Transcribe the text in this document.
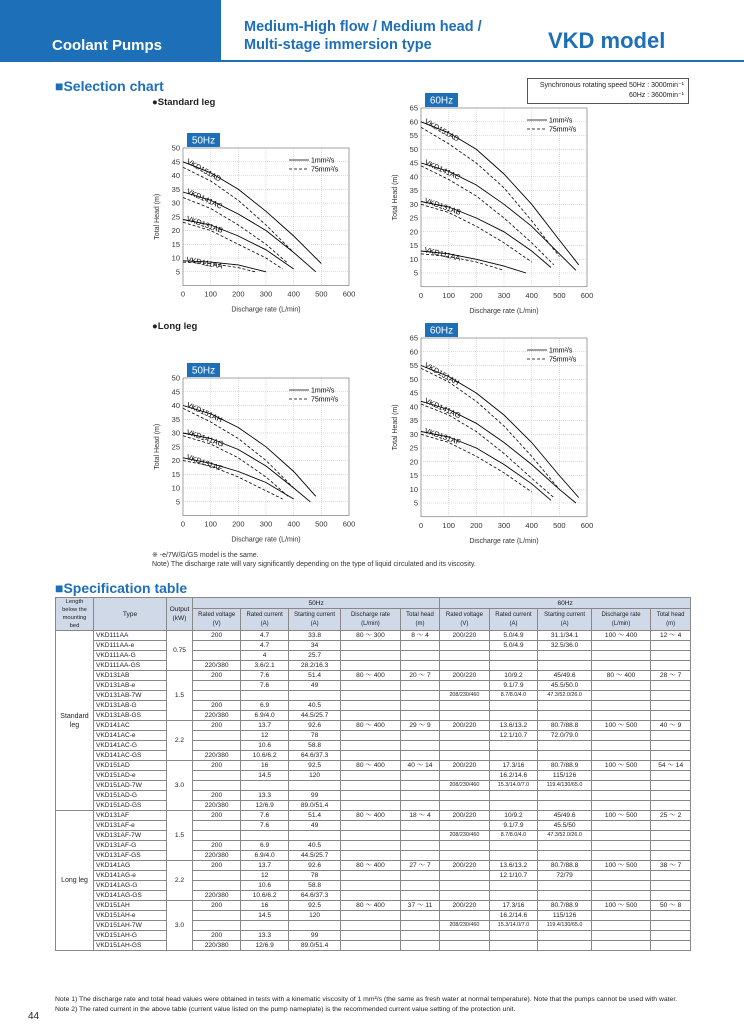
Coolant Pumps
Medium-High flow / Medium head /
Multi-stage immersion type	VKD model
■Selection chart
●Standard leg
●Long leg
Synchronous rotating speed 50Hz : 3000min⁻¹
60Hz : 3600min⁻¹
5
10
15
20
25
30
35
40
45
50
0	100 200 300 400 500 600
Discharge rate (L/min)
Total Head (m)
50Hz
1mm²/s
75mm²/s
VKD151AD
VKD141AC
VKD131AB
VKD111AA
5
10
15
20
25
30
35
40
45
50
55
60
65
0	100 200 300 400 500 600
Discharge rate (L/min)
Total Head (m)
60Hz
1mm²/s
75mm²/s
VKD151AD
VKD141AC
VKD131AB
VKD111AA
5
10
15
20
25
30
35
40
45
50
0	100 200 300 400 500 600
Discharge rate (L/min)
Total Head (m)
50Hz
1mm²/s
75mm²/s
VKD151AH
VKD141AG
VKD131AF
5
10
15
20
25
30
35
40
45
50
55
60
65
0	100 200 300 400 500 600
Discharge rate (L/min)
Total Head (m)
60Hz
1mm²/s
75mm²/s
VKD151AH
VKD141AG
VKD131AF
※ -e/7W/G/GS model is the same.
Note) The discharge rate will vary significantly depending on the type of liquid circulated and its viscosity.
■Specification table
Length below the mounting bed	Type	Output (kW)	50Hz					60Hz				
			Rated voltage (V)	Rated current (A)	Starting current (A)	Discharge rate (L/min)	Total head (m)	Rated voltage (V)	Rated current (A)	Starting current (A)	Discharge rate (L/min)	Total head (m)
Standard leg	VKD111AA	0.75	200	4.7	33.8	80 ～ 300	8 ～ 4	200/220	5.0/4.9	31.1/34.1	100 ～ 400	12 ～ 4
	VKD111AA-e			4.7	34				5.0/4.9	32.5/36.0		
	VKD111AA-G			4	25.7							
	VKD111AA-GS		220/380	3.6/2.1	28.2/16.3							
	VKD131AB	1.5	200	7.6	51.4	80 ～ 400	20 ～ 7	200/220	10/9.2	45/49.6	80 ～ 400	28 ～ 7
	VKD131AB-e			7.6	49				9.1/7.9	45.5/50.0		
	VKD131AB-7W							208/230/460	8.7/8.0/4.0	47.3/52.0/26.0		
	VKD131AB-G		200	6.9	40.5							
	VKD131AB-GS		220/380	6.9/4.0	44.5/25.7							
	VKD141AC	2.2	200	13.7	92.6	80 ～ 400	29 ～ 9	200/220	13.6/13.2	80.7/88.8	100 ～ 500	40 ～ 9
	VKD141AC-e			12	78				12.1/10.7	72.0/79.0		
	VKD141AC-G			10.6	58.8							
	VKD141AC-GS		220/380	10.6/6.2	64.6/37.3							
	VKD151AD	3.0	200	16	92.5	80 ～ 400	40 ～ 14	200/220	17.3/16	80.7/88.9	100 ～ 500	54 ～ 14
	VKD151AD-e			14.5	120				16.2/14.6	115/126		
	VKD151AD-7W							208/230/460	15.3/14.0/7.0	119.4/130/65.0		
	VKD151AD-G		200	13.3	99							
	VKD151AD-GS		220/380	12/6.9	89.0/51.4							
Long leg	VKD131AF	1.5	200	7.6	51.4	80 ～ 400	18 ～ 4	200/220	10/9.2	45/49.6	100 ～ 500	25 ～ 2
	VKD131AF-e			7.6	49				9.1/7.9	45.5/50		
	VKD131AF-7W							208/230/460	8.7/8.0/4.0	47.3/52.0/26.0		
	VKD131AF-G		200	6.9	40.5							
	VKD131AF-GS		220/380	6.9/4.0	44.5/25.7							
	VKD141AG	2.2	200	13.7	92.6	80 ～ 400	27 ～ 7	200/220	13.6/13.2	80.7/88.8	100 ～ 500	38 ～ 7
	VKD141AG-e			12	78				12.1/10.7	72/79		
	VKD141AG-G			10.6	58.8							
	VKD141AG-GS		220/380	10.6/6.2	64.6/37.3							
	VKD151AH	3.0	200	16	92.5	80 ～ 400	37 ～ 11	200/220	17.3/16	80.7/88.9	100 ～ 500	50 ～ 8
	VKD151AH-e			14.5	120				16.2/14.6	115/126		
	VKD151AH-7W							208/230/460	15.3/14.0/7.0	119.4/130/65.0		
	VKD151AH-G		200	13.3	99							
	VKD151AH-GS		220/380	12/6.9	89.0/51.4							
Note 1) The discharge rate and total head values were obtained in tests with a kinematic viscosity of 1 mm²/s (the same as fresh water at normal temperature). Note that the pumps cannot be used with water.
Note 2) The rated current in the above table (current value listed on the pump nameplate) is the recommended current value setting of the protection unit.
44
